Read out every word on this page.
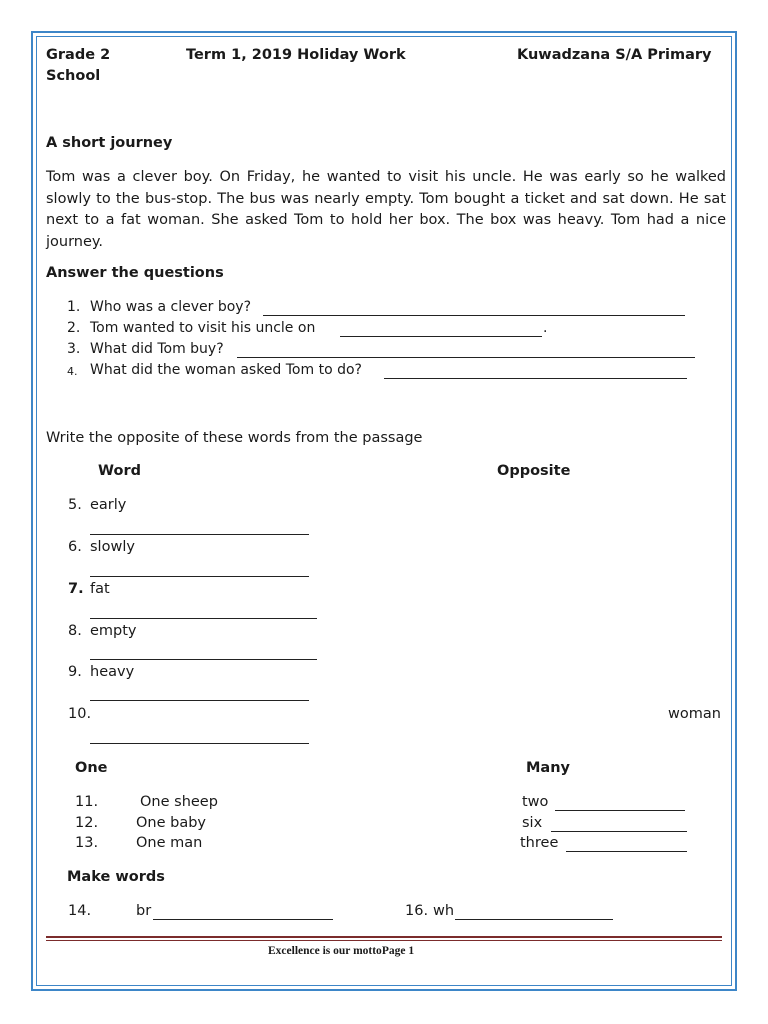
Grade 2	Term 1, 2019 Holiday Work	Kuwadzana S/A Primary
School
A short journey
Tom was a clever boy. On Friday, he wanted to visit his uncle. He was early so he walked slowly to the bus-stop. The bus was nearly empty. Tom bought a ticket and sat down. He sat next to a fat woman. She asked Tom to hold her box. The box was heavy. Tom had a nice journey.
Answer the questions
1. Who was a clever boy?
2. Tom wanted to visit his uncle on	.
3. What did Tom buy?
4. What did the woman asked Tom to do?
Write the opposite of these words from the passage
Word	Opposite
5. early
6. slowly
7. fat
8. empty
9. heavy
10.	woman
One	Many
11.	One sheep	two
12.	One baby	six
13.	One man	three
Make words
14.	br	16. wh
Excellence is our mottoPage 1
